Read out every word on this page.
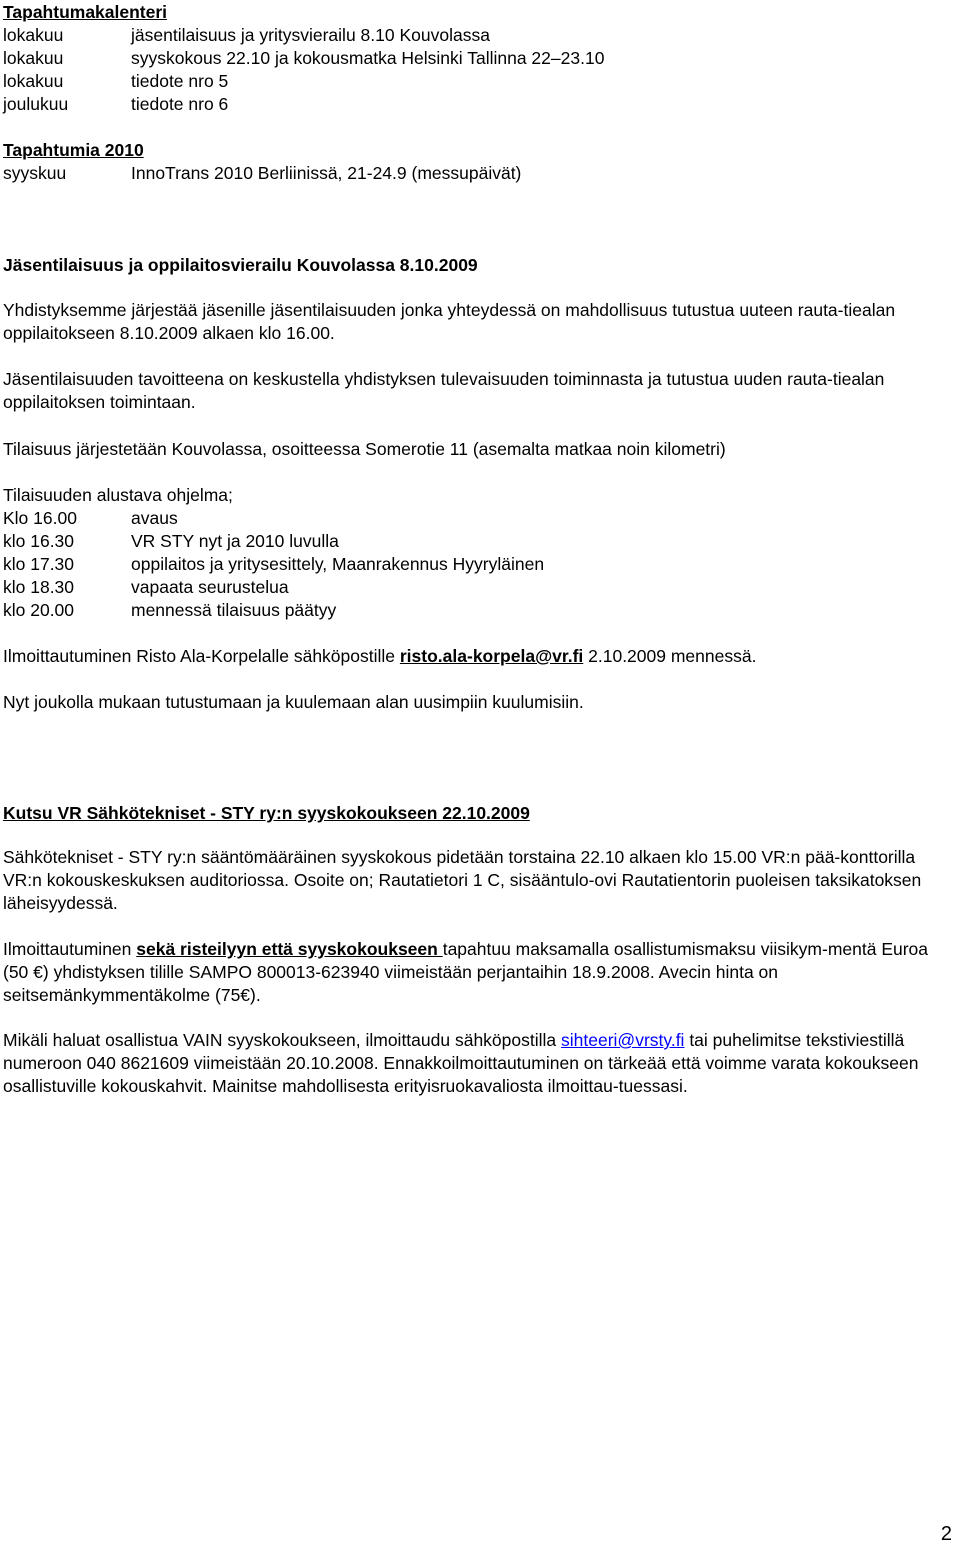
Tapahtumakalenteri
lokakuu	jäsentilaisuus ja yritysvierailu 8.10 Kouvolassa
lokakuu	syyskokous 22.10 ja kokousmatka Helsinki Tallinna 22–23.10
lokakuu	tiedote nro 5
joulukuu	tiedote nro 6
Tapahtumia 2010
syyskuu	InnoTrans 2010 Berliinissä, 21-24.9 (messupäivät)
Jäsentilaisuus ja oppilaitosvierailu Kouvolassa 8.10.2009
Yhdistyksemme järjestää jäsenille jäsentilaisuuden jonka yhteydessä on mahdollisuus tutustua uuteen rauta-tiealan oppilaitokseen 8.10.2009 alkaen klo 16.00.
Jäsentilaisuuden tavoitteena on keskustella yhdistyksen tulevaisuuden toiminnasta ja tutustua uuden rauta-tiealan oppilaitoksen toimintaan.
Tilaisuus järjestetään Kouvolassa, osoitteessa Somerotie 11 (asemalta matkaa noin kilometri)
Tilaisuuden alustava ohjelma;
Klo 16.00	avaus
klo 16.30	VR STY nyt ja 2010 luvulla
klo 17.30	oppilaitos ja yritysesittely, Maanrakennus Hyyryläinen
klo 18.30	vapaata seurustelua
klo 20.00	mennessä tilaisuus päätyy
Ilmoittautuminen Risto Ala-Korpelalle sähköpostille risto.ala-korpela@vr.fi 2.10.2009 mennessä.
Nyt joukolla mukaan tutustumaan ja kuulemaan alan uusimpiin kuulumisiin.
Kutsu VR Sähkötekniset - STY ry:n syyskokoukseen 22.10.2009
Sähkötekniset - STY ry:n sääntömääräinen syyskokous pidetään torstaina 22.10 alkaen klo 15.00 VR:n pää-konttorilla VR:n kokouskeskuksen auditoriossa. Osoite on; Rautatietori 1 C, sisääntulo-ovi Rautatientorin puoleisen taksikatoksen läheisyydessä.
Ilmoittautuminen sekä risteilyyn että syyskokoukseen tapahtuu maksamalla osallistumismaksu viisikym-mentä Euroa (50 €) yhdistyksen tilille SAMPO 800013-623940 viimeistään perjantaihin 18.9.2008. Avecin hinta on seitsemänkymmentäkolme (75€).
Mikäli haluat osallistua VAIN syyskokoukseen, ilmoittaudu sähköpostilla sihteeri@vrsty.fi tai puhelimitse tekstiviestillä numeroon 040 8621609 viimeistään 20.10.2008. Ennakkoilmoittautuminen on tärkeää että voimme varata kokoukseen osallistuville kokouskahvit. Mainitse mahdollisesta erityisruokavaliosta ilmoittau-tuessasi.
2
